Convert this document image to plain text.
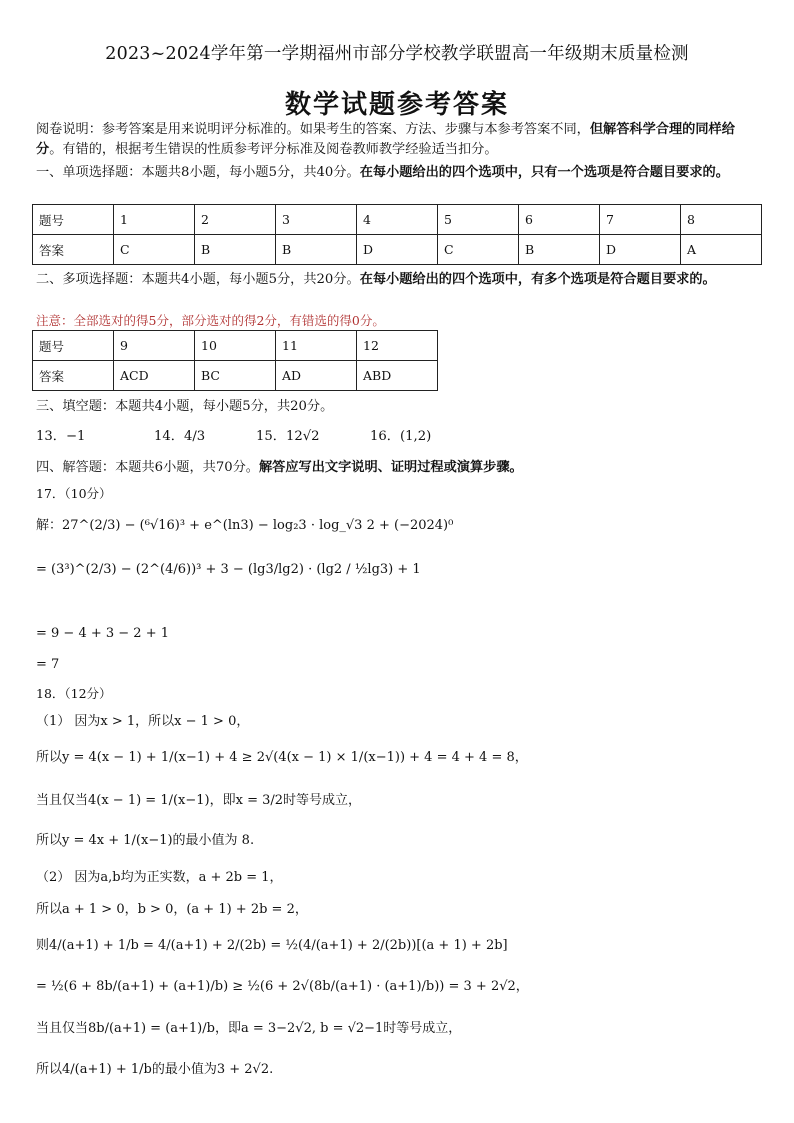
2023~2024学年第一学期福州市部分学校教学联盟高一年级期末质量检测
数学试题参考答案
阅卷说明：参考答案是用来说明评分标准的。如果考生的答案、方法、步骤与本参考答案不同，但解答科学合理的同样给分。有错的，根据考生错误的性质参考评分标准及阅卷教师教学经验适当扣分。
一、单项选择题：本题共8小题，每小题5分，共40分。在每小题给出的四个选项中，只有一个选项是符合题目要求的。
题号	1	2	3	4	5	6	7	8
答案	C	B	B	D	C	B	D	A
二、多项选择题：本题共4小题，每小题5分，共20分。在每小题给出的四个选项中，有多个选项是符合题目要求的。
注意：全部选对的得5分，部分选对的得2分，有错选的得0分。
题号	9	10	11	12
答案	ACD	BC	AD	ABD
三、填空题：本题共4小题，每小题5分，共20分。
13．−1	14．4/3	15．12√2	16．(1,2)
四、解答题：本题共6小题，共70分。解答应写出文字说明、证明过程或演算步骤。
17．（10分）
解：27^(2/3) − (⁶√16)³ + e^(ln3) − log₂3 · log_√3 2 + (−2024)⁰
= (3³)^(2/3) − (2^(4/6))³ + 3 − (lg3/lg2) · (lg2 / ½lg3) + 1
= 9 − 4 + 3 − 2 + 1
= 7
18．（12分）
（1） 因为x > 1，所以x − 1 > 0，
所以y = 4(x − 1) + 1/(x−1) + 4 ≥ 2√(4(x − 1) × 1/(x−1)) + 4 = 4 + 4 = 8，
当且仅当4(x − 1) = 1/(x−1)，即x = 3/2时等号成立，
所以y = 4x + 1/(x−1)的最小值为 8.
（2） 因为a,b均为正实数，a + 2b = 1，
所以a + 1 > 0，b > 0，(a + 1) + 2b = 2，
则4/(a+1) + 1/b = 4/(a+1) + 2/(2b) = ½(4/(a+1) + 2/(2b))[(a + 1) + 2b]
= ½(6 + 8b/(a+1) + (a+1)/b) ≥ ½(6 + 2√(8b/(a+1) · (a+1)/b)) = 3 + 2√2，
当且仅当8b/(a+1) = (a+1)/b，即a = 3−2√2, b = √2−1时等号成立，
所以4/(a+1) + 1/b的最小值为3 + 2√2.
